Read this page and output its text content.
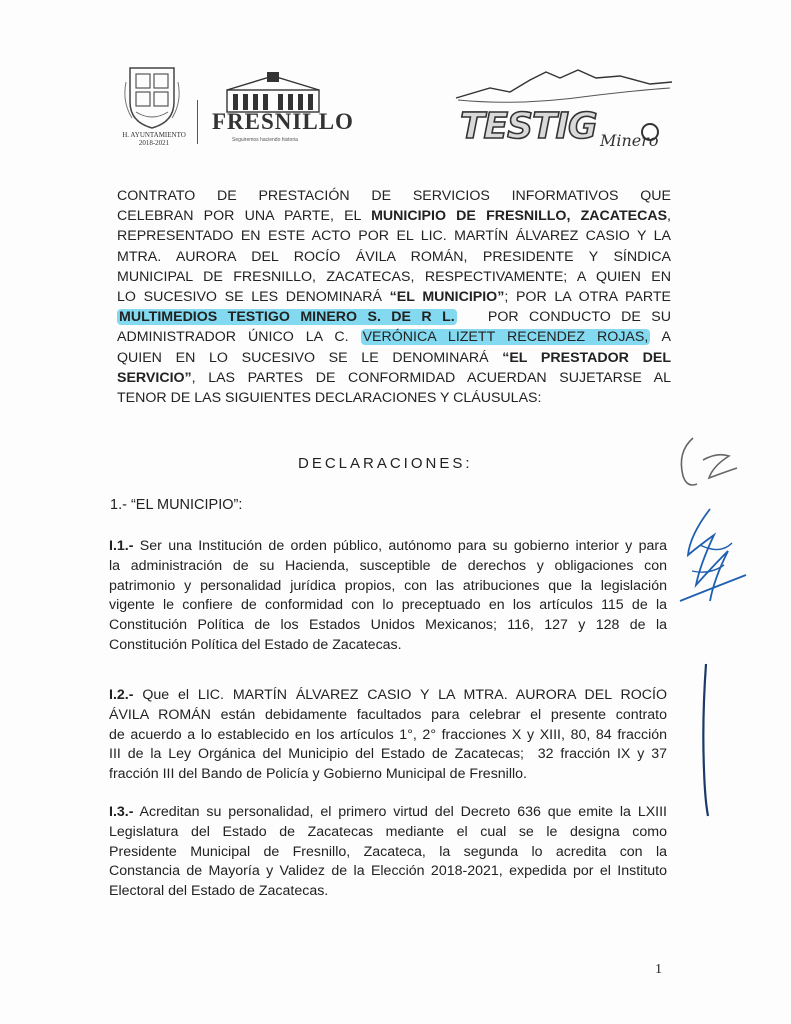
H. AYUNTAMIENTO
2018-2021
FRESNILLO
Seguiremos haciendo historia	TESTIG Minero
CONTRATO DE PRESTACIÓN DE SERVICIOS INFORMATIVOS QUE
CELEBRAN POR UNA PARTE, EL MUNICIPIO DE FRESNILLO, ZACATECAS,
REPRESENTADO EN ESTE ACTO POR EL LIC. MARTÍN ÁLVAREZ CASIO Y LA
MTRA. AURORA DEL ROCÍO ÁVILA ROMÁN, PRESIDENTE Y SÍNDICA
MUNICIPAL DE FRESNILLO, ZACATECAS, RESPECTIVAMENTE; A QUIEN EN
LO SUCESIVO SE LES DENOMINARÁ “EL MUNICIPIO”; POR LA OTRA PARTE
MULTIMEDIOS TESTIGO MINERO S. DE R L.   POR CONDUCTO DE SU
ADMINISTRADOR ÚNICO LA C. VERÓNICA LIZETT RECENDEZ ROJAS, A
QUIEN EN LO SUCESIVO SE LE DENOMINARÁ “EL PRESTADOR DEL
SERVICIO”, LAS PARTES DE CONFORMIDAD ACUERDAN SUJETARSE AL
TENOR DE LAS SIGUIENTES DECLARACIONES Y CLÁUSULAS:
DECLARACIONES:
1.- “EL MUNICIPIO”:
I.1.- Ser una Institución de orden público, autónomo para su gobierno interior y para
la administración de su Hacienda, susceptible de derechos y obligaciones con
patrimonio y personalidad jurídica propios, con las atribuciones que la legislación
vigente le confiere de conformidad con lo preceptuado en los artículos 115 de la
Constitución Política de los Estados Unidos Mexicanos; 116, 127 y 128 de la
Constitución Política del Estado de Zacatecas.
I.2.- Que el LIC. MARTÍN ÁLVAREZ CASIO Y LA MTRA. AURORA DEL ROCÍO
ÁVILA ROMÁN están debidamente facultados para celebrar el presente contrato
de acuerdo a lo establecido en los artículos 1°, 2° fracciones X y XIII, 80, 84 fracción
III de la Ley Orgánica del Municipio del Estado de Zacatecas;  32 fracción IX y 37
fracción III del Bando de Policía y Gobierno Municipal de Fresnillo.
I.3.- Acreditan su personalidad, el primero virtud del Decreto 636 que emite la LXIII
Legislatura del Estado de Zacatecas mediante el cual se le designa como
Presidente Municipal de Fresnillo, Zacateca, la segunda lo acredita con la
Constancia de Mayoría y Validez de la Elección 2018-2021, expedida por el Instituto
Electoral del Estado de Zacatecas.
1
